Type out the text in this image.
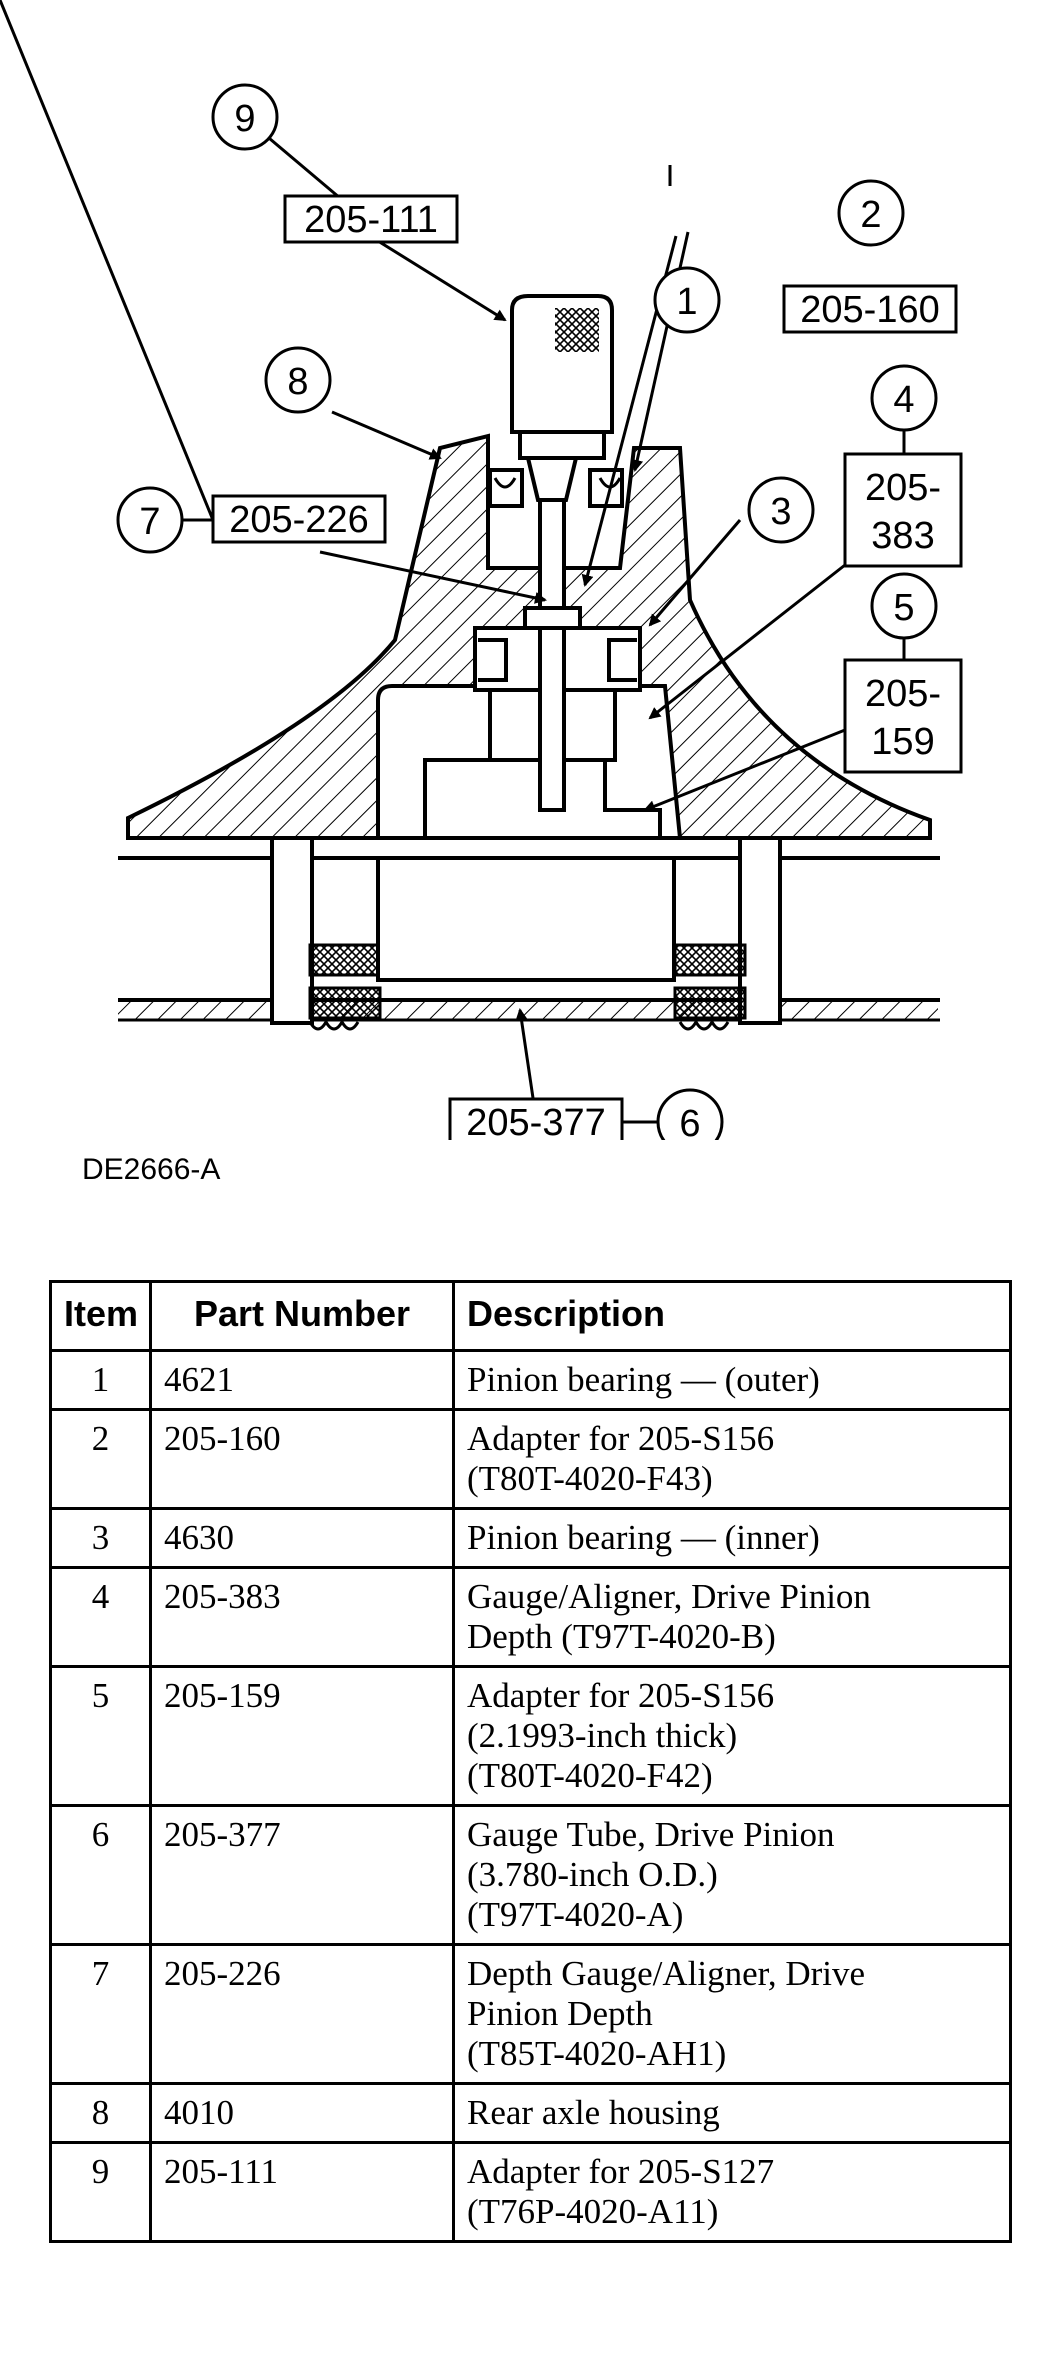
9
2
1
8	4
7	3
5
6
205-111
205-160
205-226
205-
383
205-
159
205-377
DE2666-A
Item	Part Number	Description
1	4621	Pinion bearing — (outer)

2	205-160	Adapter for 205-S156
(T80T-4020-F43)

3	4630	Pinion bearing — (inner)

4	205-383	Gauge/Aligner, Drive Pinion
Depth (T97T-4020-B)

5	205-159	Adapter for 205-S156
(2.1993-inch thick)
(T80T-4020-F42)

6	205-377	Gauge Tube, Drive Pinion
(3.780-inch O.D.)
(T97T-4020-A)

7	205-226	Depth Gauge/Aligner, Drive
Pinion Depth
(T85T-4020-AH1)

8	4010	Rear axle housing

9	205-111	Adapter for 205-S127
(T76P-4020-A11)
